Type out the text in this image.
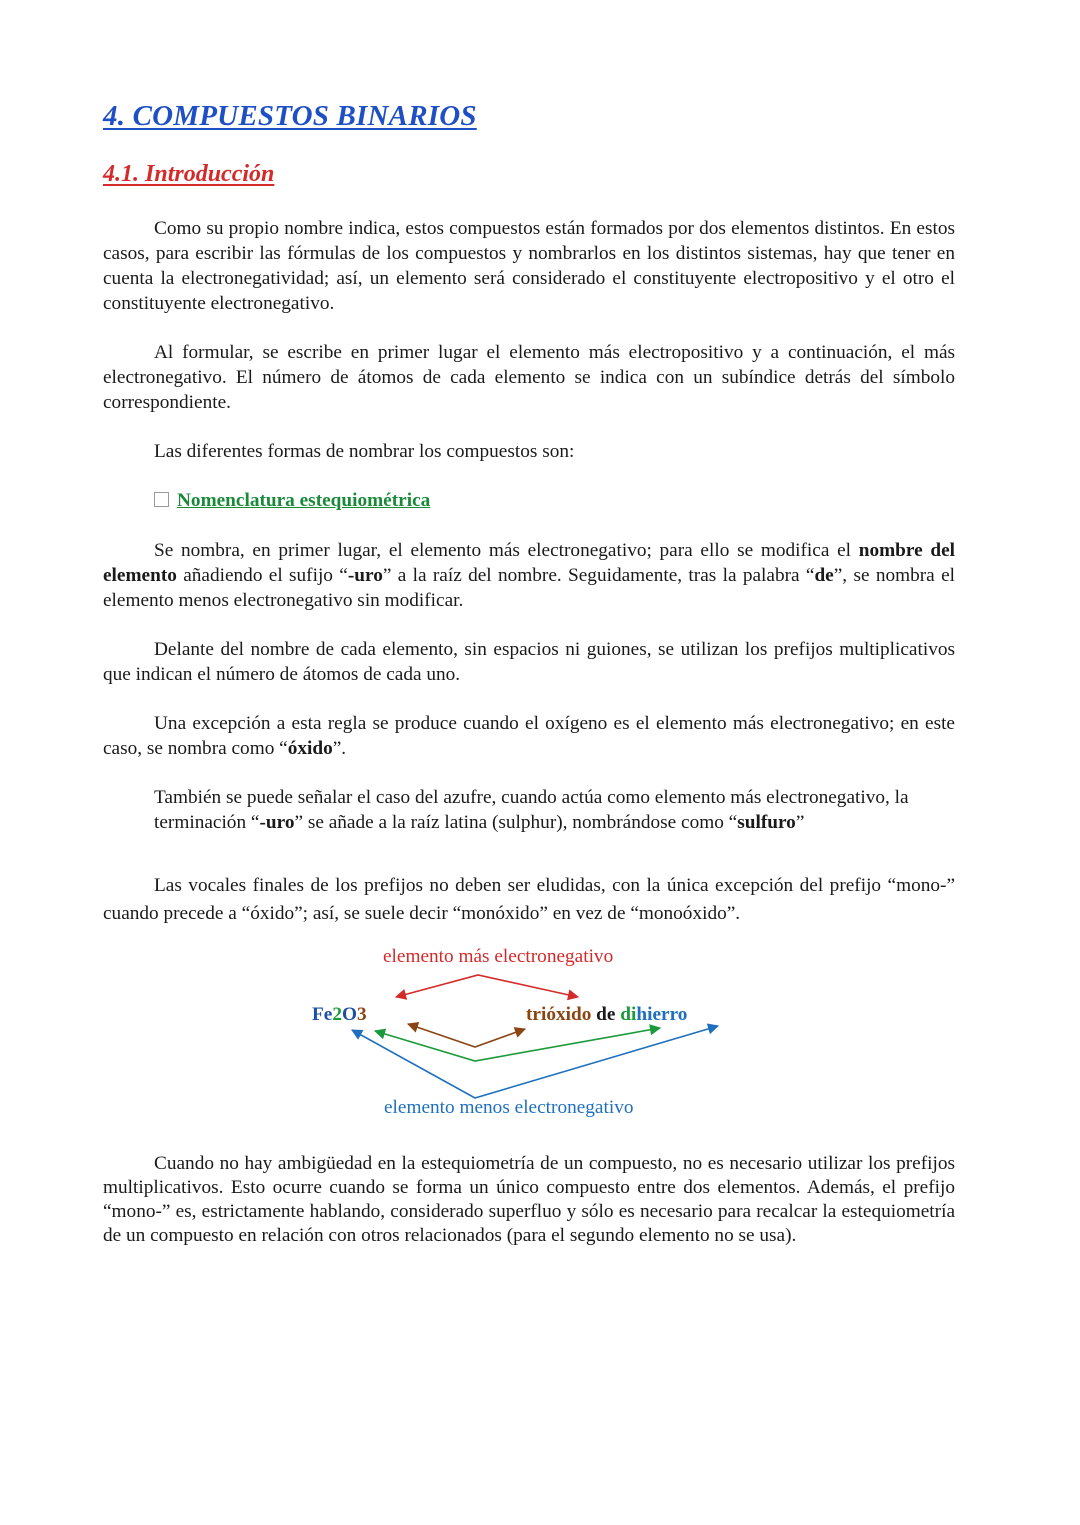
4. COMPUESTOS BINARIOS
4.1. Introducción

Como su propio nombre indica, estos compuestos están formados por dos elementos distintos. En estos casos, para escribir las fórmulas de los compuestos y nombrarlos en los distintos sistemas, hay que tener en cuenta la electronegatividad; así, un elemento será considerado el constituyente electropositivo y el otro el constituyente electronegativo.

Al formular, se escribe en primer lugar el elemento más electropositivo y a continuación, el más electronegativo. El número de átomos de cada elemento se indica con un subíndice detrás del símbolo correspondiente.

Las diferentes formas de nombrar los compuestos son:

Nomenclatura estequiométrica

Se nombra, en primer lugar, el elemento más electronegativo; para ello se modifica el nombre del elemento añadiendo el sufijo “-uro” a la raíz del nombre. Seguidamente, tras la palabra “de”, se nombra el elemento menos electronegativo sin modificar.

Delante del nombre de cada elemento, sin espacios ni guiones, se utilizan los prefijos multiplicativos que indican el número de átomos de cada uno.

Una excepción a esta regla se produce cuando el oxígeno es el elemento más electronegativo; en este caso, se nombra como “óxido”.

También se puede señalar el caso del azufre, cuando actúa como elemento más electronegativo, la terminación “-uro” se añade a la raíz latina (sulphur), nombrándose como “sulfuro”

Las vocales finales de los prefijos no deben ser eludidas, con la única excepción del prefijo “mono-” cuando precede a “óxido”; así, se suele decir “monóxido” en vez de “monoóxido”.

Cuando no hay ambigüedad en la estequiometría de un compuesto, no es necesario utilizar los prefijos multiplicativos. Esto ocurre cuando se forma un único compuesto entre dos elementos. Además, el prefijo “mono-” es, estrictamente hablando, considerado superfluo y sólo es necesario para recalcar la estequiometría de un compuesto en relación con otros relacionados (para el segundo elemento no se usa).

elemento más electronegativo
Fe2O3	trióxido de dihierro
elemento menos electronegativo
